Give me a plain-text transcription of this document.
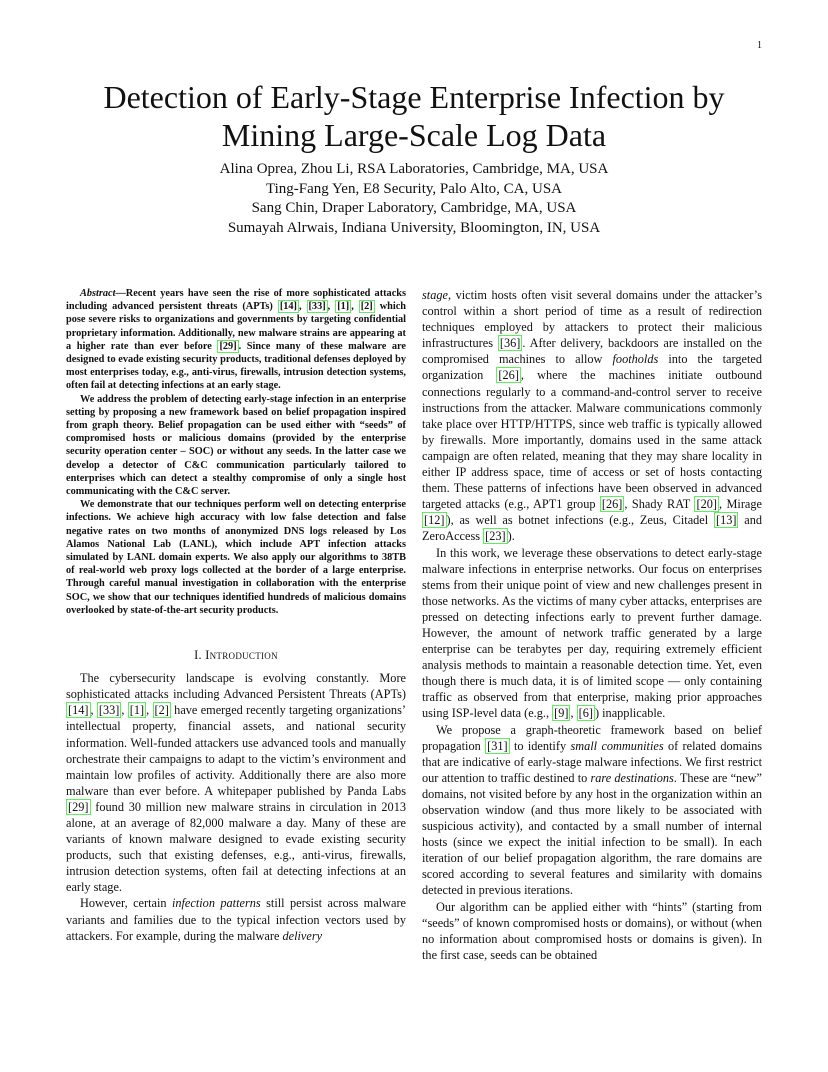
1
Detection of Early-Stage Enterprise Infection by
Mining Large-Scale Log Data
Alina Oprea, Zhou Li, RSA Laboratories, Cambridge, MA, USA
Ting-Fang Yen, E8 Security, Palo Alto, CA, USA
Sang Chin, Draper Laboratory, Cambridge, MA, USA
Sumayah Alrwais, Indiana University, Bloomington, IN, USA

Abstract—Recent years have seen the rise of more sophisticated attacks including advanced persistent threats (APTs) [14] , [33] , [1] , [2] which pose severe risks to organizations and governments by targeting confidential proprietary information. Additionally, new malware strains are appearing at a higher rate than ever before [29] . Since many of these malware are designed to evade existing security products, traditional defenses deployed by most enterprises today, e.g., anti-virus, firewalls, intrusion detection systems, often fail at detecting infections at an early stage.

We address the problem of detecting early-stage infection in an enterprise setting by proposing a new framework based on belief propagation inspired from graph theory. Belief propagation can be used either with “seeds” of compromised hosts or malicious domains (provided by the enterprise security operation center – SOC) or without any seeds. In the latter case we develop a detector of C&C communication particularly tailored to enterprises which can detect a stealthy compromise of only a single host communicating with the C&C server.

We demonstrate that our techniques perform well on detecting enterprise infections. We achieve high accuracy with low false detection and false negative rates on two months of anonymized DNS logs released by Los Alamos National Lab (LANL), which include APT infection attacks simulated by LANL domain experts. We also apply our algorithms to 38TB of real-world web proxy logs collected at the border of a large enterprise. Through careful manual investigation in collaboration with the enterprise SOC, we show that our techniques identified hundreds of malicious domains overlooked by state-of-the-art security products.

I. Introduction

The cybersecurity landscape is evolving constantly. More sophisticated attacks including Advanced Persistent Threats (APTs) [14] , [33] , [1] , [2] have emerged recently targeting organizations’ intellectual property, financial assets, and national security information. Well-funded attackers use advanced tools and manually orchestrate their campaigns to adapt to the victim’s environment and maintain low profiles of activity. Additionally there are also more malware than ever before. A whitepaper published by Panda Labs [29] found 30 million new malware strains in circulation in 2013 alone, at an average of 82,000 malware a day. Many of these are variants of known malware designed to evade existing security products, such that existing defenses, e.g., anti-virus, firewalls, intrusion detection systems, often fail at detecting infections at an early stage.

However, certain infection patterns still persist across malware variants and families due to the typical infection vectors used by attackers. For example, during the malware delivery

stage, victim hosts often visit several domains under the attacker’s control within a short period of time as a result of redirection techniques employed by attackers to protect their malicious infrastructures [36] . After delivery, backdoors are installed on the compromised machines to allow footholds into the targeted organization [26] , where the machines initiate outbound connections regularly to a command-and-control server to receive instructions from the attacker. Malware communications commonly take place over HTTP/HTTPS, since web traffic is typically allowed by firewalls. More importantly, domains used in the same attack campaign are often related, meaning that they may share locality in either IP address space, time of access or set of hosts contacting them. These patterns of infections have been observed in advanced targeted attacks (e.g., APT1 group [26] , Shady RAT [20] , Mirage [12] ), as well as botnet infections (e.g., Zeus, Citadel [13] and ZeroAccess [23] ).

In this work, we leverage these observations to detect early-stage malware infections in enterprise networks. Our focus on enterprises stems from their unique point of view and new challenges present in those networks. As the victims of many cyber attacks, enterprises are pressed on detecting infections early to prevent further damage. However, the amount of network traffic generated by a large enterprise can be terabytes per day, requiring extremely efficient analysis methods to maintain a reasonable detection time. Yet, even though there is much data, it is of limited scope — only containing traffic as observed from that enterprise, making prior approaches using ISP-level data (e.g., [9] , [6] ) inapplicable.

We propose a graph-theoretic framework based on belief propagation [31] to identify small communities of related domains that are indicative of early-stage malware infections. We first restrict our attention to traffic destined to rare destinations. These are “new” domains, not visited before by any host in the organization within an observation window (and thus more likely to be associated with suspicious activity), and contacted by a small number of internal hosts (since we expect the initial infection to be small). In each iteration of our belief propagation algorithm, the rare domains are scored according to several features and similarity with domains detected in previous iterations.

Our algorithm can be applied either with “hints” (starting from “seeds” of known compromised hosts or domains), or without (when no information about compromised hosts or domains is given). In the first case, seeds can be obtained
